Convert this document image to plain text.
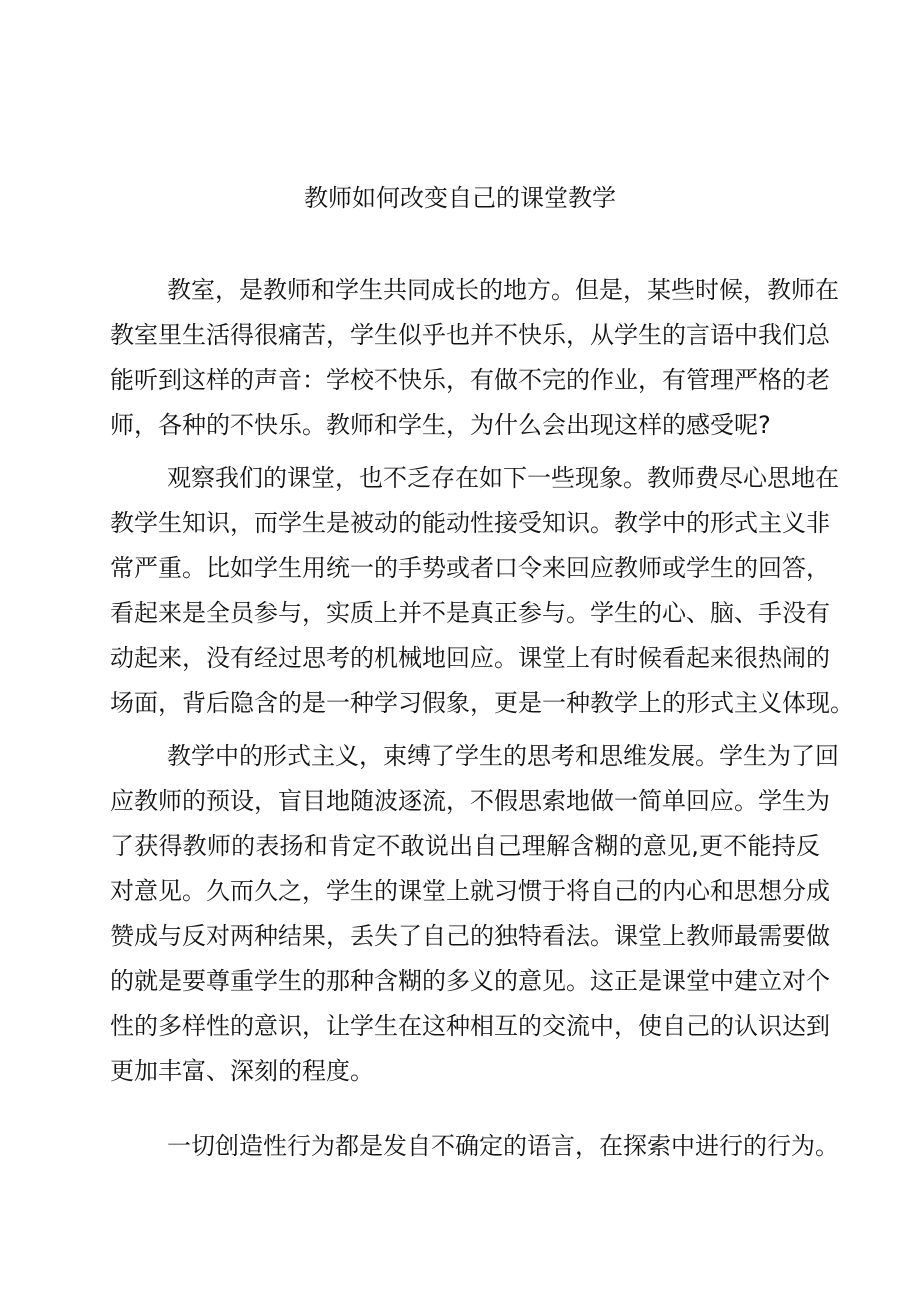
教师如何改变自己的课堂教学
教室，是教师和学生共同成长的地方。但是，某些时候，教师在
教室里生活得很痛苦，学生似乎也并不快乐，从学生的言语中我们总
能听到这样的声音：学校不快乐，有做不完的作业，有管理严格的老
师，各种的不快乐。教师和学生，为什么会出现这样的感受呢?
观察我们的课堂，也不乏存在如下一些现象。教师费尽心思地在
教学生知识，而学生是被动的能动性接受知识。教学中的形式主义非
常严重。比如学生用统一的手势或者口令来回应教师或学生的回答，
看起来是全员参与，实质上并不是真正参与。学生的心、脑、手没有
动起来，没有经过思考的机械地回应。课堂上有时候看起来很热闹的
场面，背后隐含的是一种学习假象，更是一种教学上的形式主义体现。
教学中的形式主义，束缚了学生的思考和思维发展。学生为了回
应教师的预设，盲目地随波逐流，不假思索地做一简单回应。学生为
了获得教师的表扬和肯定不敢说出自己理解含糊的意见,更不能持反
对意见。久而久之，学生的课堂上就习惯于将自己的内心和思想分成
赞成与反对两种结果，丢失了自己的独特看法。课堂上教师最需要做
的就是要尊重学生的那种含糊的多义的意见。这正是课堂中建立对个
性的多样性的意识，让学生在这种相互的交流中，使自己的认识达到
更加丰富、深刻的程度。
一切创造性行为都是发自不确定的语言，在探索中进行的行为。
